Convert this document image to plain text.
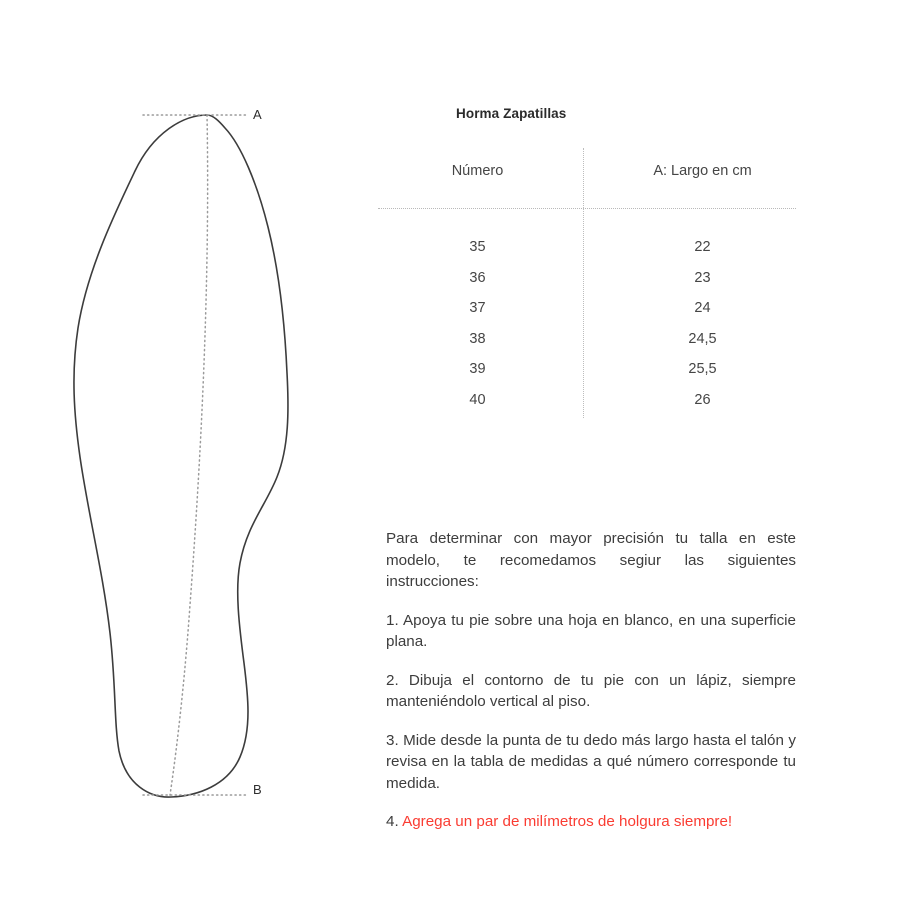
A
B
Horma Zapatillas
Número	A: Largo en cm
35	22
36	23
37	24
38	24,5
39	25,5
40	26

Para determinar con mayor precisión tu talla en este modelo, te recomedamos segiur las siguientes instrucciones:

1. Apoya tu pie sobre una hoja en blanco, en una superficie plana.

2. Dibuja el contorno de tu pie con un lápiz, siempre manteniéndolo vertical al piso.

3. Mide desde la punta de tu dedo más largo hasta el talón y revisa en la tabla de medidas a qué número corresponde tu medida.

4. Agrega un par de milímetros de holgura siempre!
